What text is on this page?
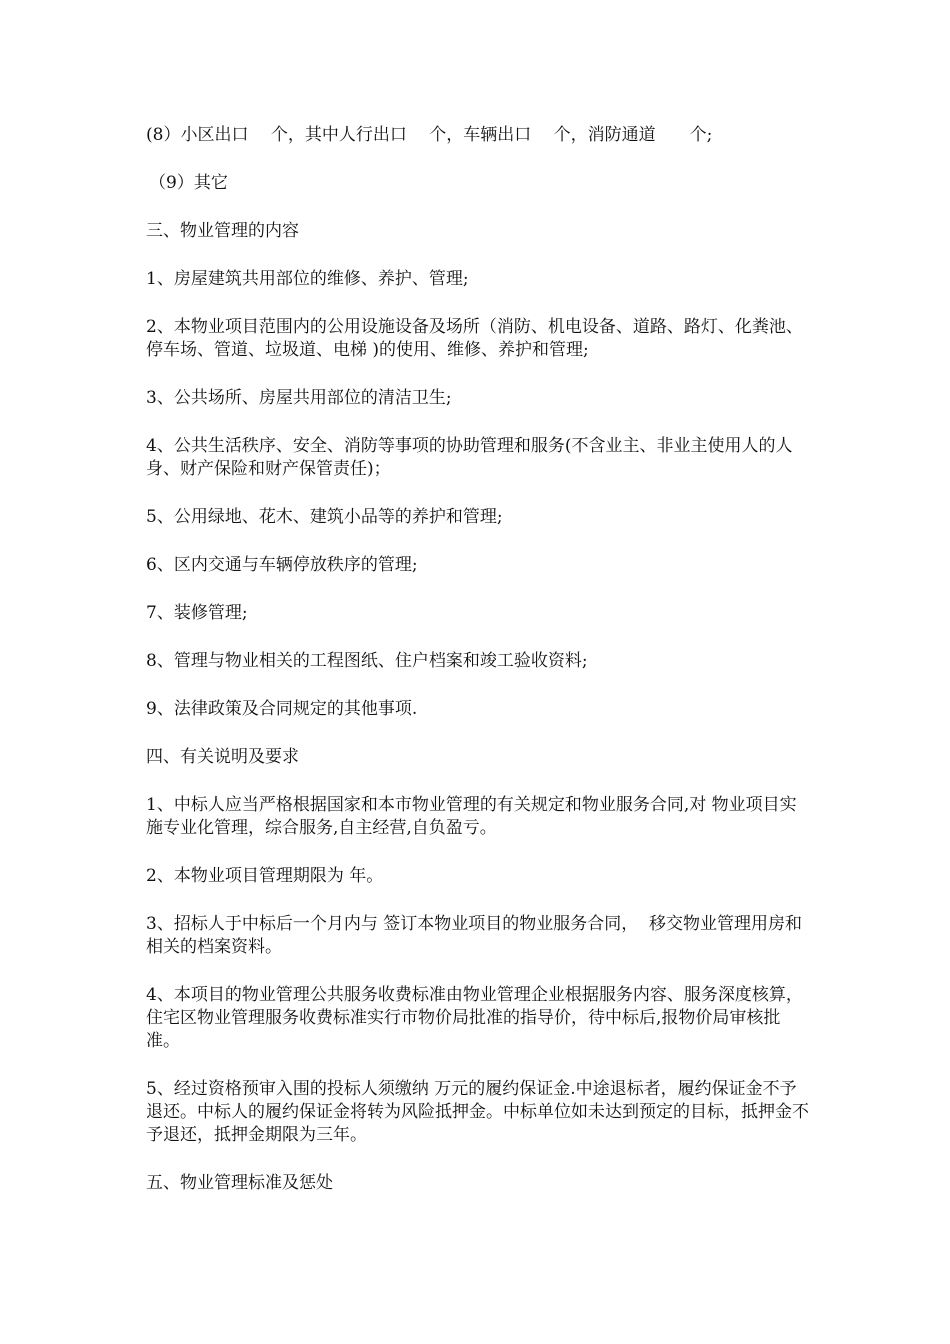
(8）小区出口　 个，其中人行出口　 个，车辆出口　 个，消防通道　　个;

（9）其它

三、物业管理的内容

1、房屋建筑共用部位的维修、养护、管理;

2、本物业项目范围内的公用设施设备及场所（消防、机电设备、道路、路灯、化粪池、停车场、管道、垃圾道、电梯 )的使用、维修、养护和管理;

3、公共场所、房屋共用部位的清洁卫生;

4、公共生活秩序、安全、消防等事项的协助管理和服务(不含业主、非业主使用人的人身、财产保险和财产保管责任)；

5、公用绿地、花木、建筑小品等的养护和管理;

6、区内交通与车辆停放秩序的管理;

7、装修管理;

8、管理与物业相关的工程图纸、住户档案和竣工验收资料;

9、法律政策及合同规定的其他事项.

四、有关说明及要求

1、中标人应当严格根据国家和本市物业管理的有关规定和物业服务合同,对 物业项目实施专业化管理，综合服务,自主经营,自负盈亏。

2、本物业项目管理期限为 年。

3、招标人于中标后一个月内与 签订本物业项目的物业服务合同，  移交物业管理用房和相关的档案资料。

4、本项目的物业管理公共服务收费标准由物业管理企业根据服务内容、服务深度核算，住宅区物业管理服务收费标准实行市物价局批准的指导价，待中标后,报物价局审核批准。

5、经过资格预审入围的投标人须缴纳 万元的履约保证金.中途退标者，履约保证金不予退还。中标人的履约保证金将转为风险抵押金。中标单位如未达到预定的目标，抵押金不予退还，抵押金期限为三年。

五、物业管理标准及惩处
